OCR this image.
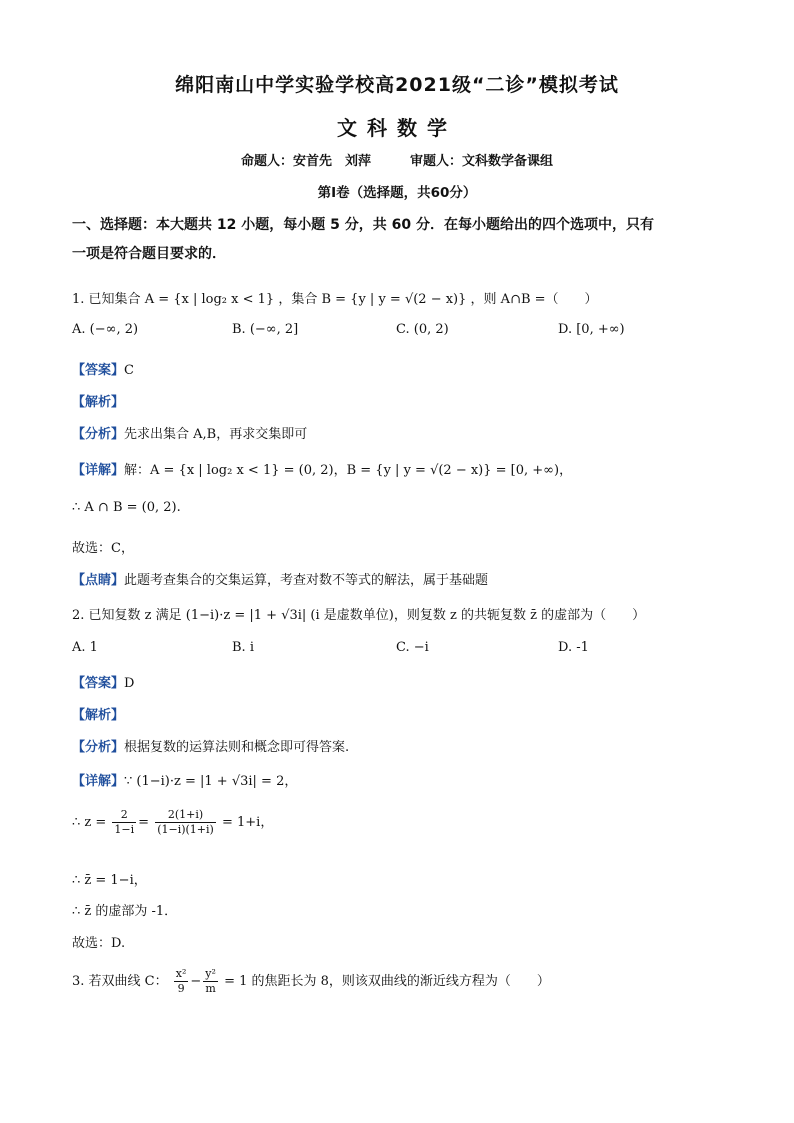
绵阳南山中学实验学校高2021级“二诊”模拟考试
文科数学
命题人：安首先　刘萍　　　审题人：文科数学备课组
第Ⅰ卷（选择题，共60分）
一、选择题：本大题共 12 小题，每小题 5 分，共 60 分．在每小题给出的四个选项中，只有
一项是符合题目要求的．
1. 已知集合 A = {x | log₂ x < 1} ，集合 B = {y | y = √(2 − x)} ，则 A∩B =（　　）
A. (−∞, 2)	B. (−∞, 2]	C. (0, 2)	D. [0, +∞)
【答案】C
【解析】
【分析】先求出集合 A,B，再求交集即可
【详解】解：A = {x | log₂ x < 1} = (0, 2)，B = {y | y = √(2 − x)} = [0, +∞)，
∴ A ∩ B = (0, 2).
故选：C，
【点睛】此题考查集合的交集运算，考查对数不等式的解法，属于基础题
2. 已知复数 z 满足 (1−i)·z = |1 + √3i| (i 是虚数单位)，则复数 z 的共轭复数 z̄ 的虚部为（　　）
A. 1	B. i	C. −i	D. -1
【答案】D
【解析】
【分析】根据复数的运算法则和概念即可得答案.
【详解】∵ (1−i)·z = |1 + √3i| = 2，
∴ $z = \frac{2}{1-i} = \frac{2(1+i)}{(1-i)(1+i)} = 1+i$，
∴ z̄ = 1−i，
∴ z̄ 的虚部为 -1．
故选：D.
3. 若双曲线 C： $\frac{\text{x²}}{9} - \frac{\text{y²}}{m} = 1$ 的焦距长为 8，则该双曲线的渐近线方程为（　　）
